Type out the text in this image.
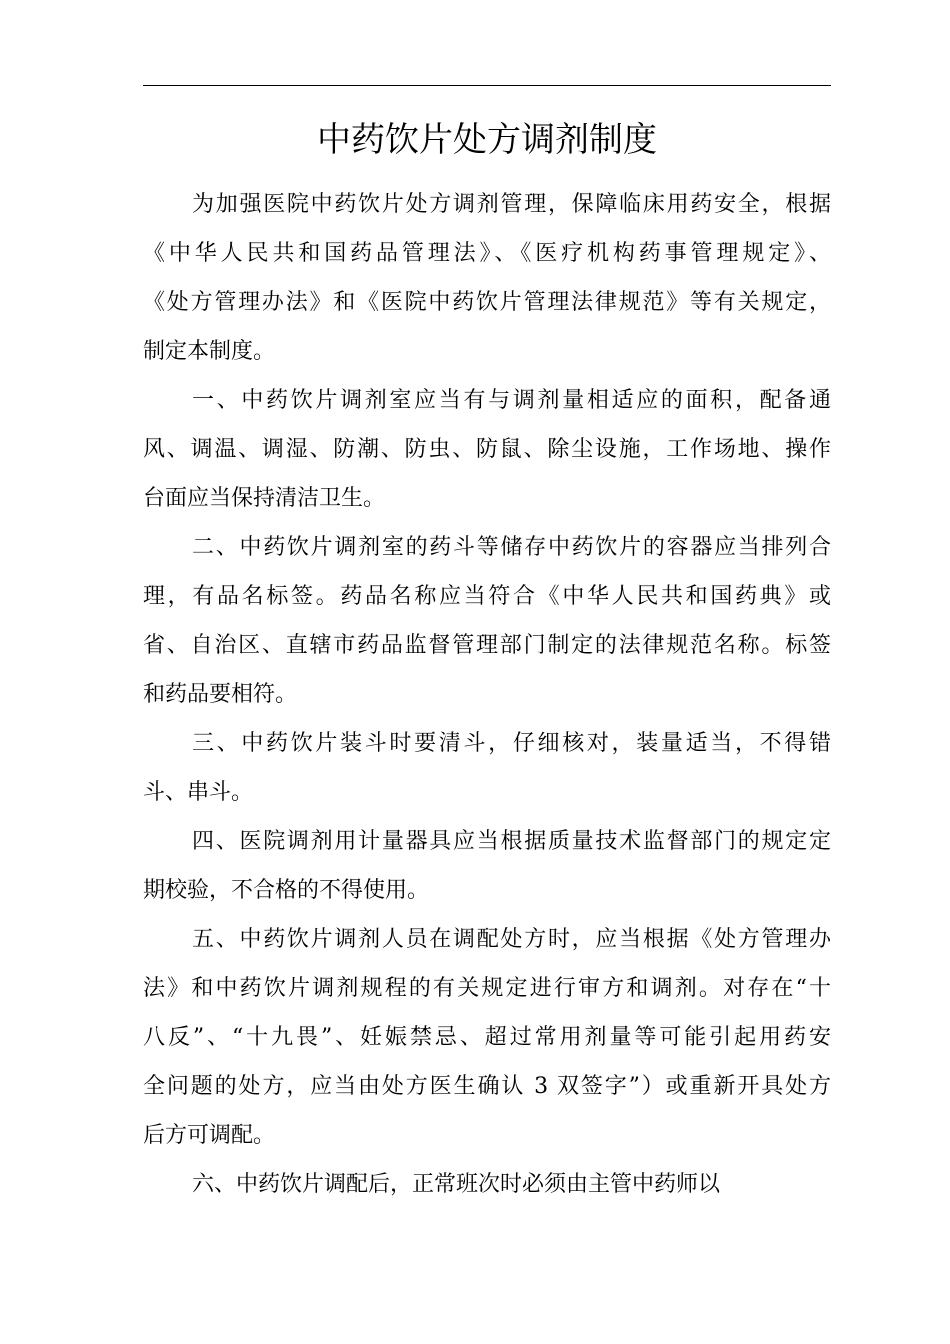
中药饮片处方调剂制度
为加强医院中药饮片处方调剂管理，保障临床用药安全，根据
《中华人民共和国药品管理法》、《医疗机构药事管理规定》、
《处方管理办法》和《医院中药饮片管理法律规范》等有关规定，
制定本制度。
一、中药饮片调剂室应当有与调剂量相适应的面积，配备通
风、调温、调湿、防潮、防虫、防鼠、除尘设施，工作场地、操作
台面应当保持清洁卫生。
二、中药饮片调剂室的药斗等储存中药饮片的容器应当排列合
理，有品名标签。药品名称应当符合《中华人民共和国药典》或
省、自治区、直辖市药品监督管理部门制定的法律规范名称。标签
和药品要相符。
三、中药饮片装斗时要清斗，仔细核对，装量适当，不得错
斗、串斗。
四、医院调剂用计量器具应当根据质量技术监督部门的规定定
期校验，不合格的不得使用。
五、中药饮片调剂人员在调配处方时，应当根据《处方管理办
法》和中药饮片调剂规程的有关规定进行审方和调剂。对存在“十
八反”、“十九畏”、妊娠禁忌、超过常用剂量等可能引起用药安
全问题的处方，应当由处方医生确认 3 双签字”）或重新开具处方
后方可调配。
六、中药饮片调配后，正常班次时必须由主管中药师以
